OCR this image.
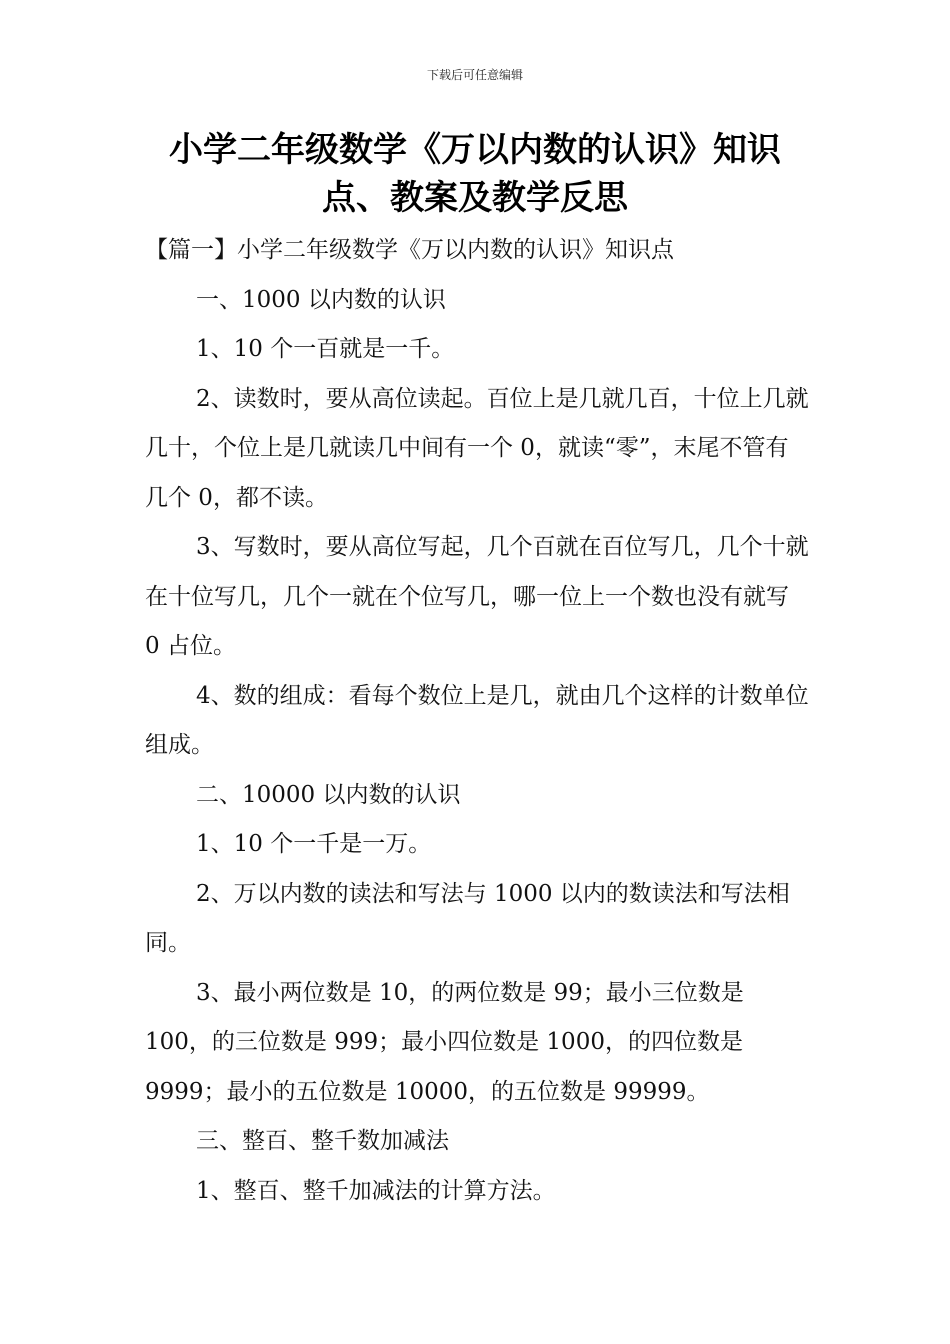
下载后可任意编辑
小学二年级数学《万以内数的认识》知识
点、教案及教学反思

【篇一】小学二年级数学《万以内数的认识》知识点

一、1000 以内数的认识

1、10 个一百就是一千。

2、读数时，要从高位读起。百位上是几就几百，十位上几就几十，个位上是几就读几中间有一个 0，就读“零”，末尾不管有几个 0，都不读。

3、写数时，要从高位写起，几个百就在百位写几，几个十就在十位写几，几个一就在个位写几，哪一位上一个数也没有就写 0 占位。

4、数的组成：看每个数位上是几，就由几个这样的计数单位组成。

二、10000 以内数的认识

1、10 个一千是一万。

2、万以内数的读法和写法与 1000 以内的数读法和写法相同。

3、最小两位数是 10，的两位数是 99；最小三位数是 100，的三位数是 999；最小四位数是 1000，的四位数是 9999；最小的五位数是 10000，的五位数是 99999。

三、整百、整千数加减法

1、整百、整千加减法的计算方法。
